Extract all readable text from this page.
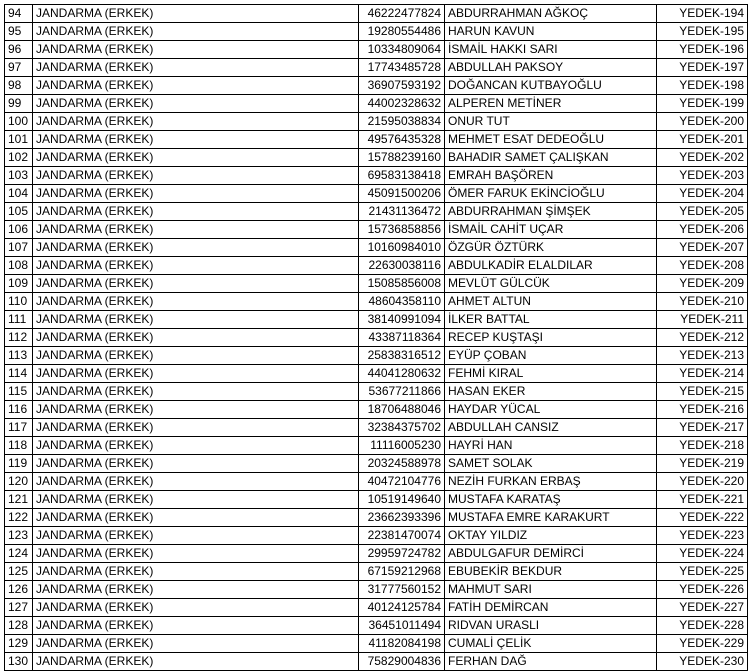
94	JANDARMA (ERKEK)	46222477824	ABDURRAHMAN AĞKOÇ	YEDEK-194
95	JANDARMA (ERKEK)	19280554486	HARUN KAVUN	YEDEK-195
96	JANDARMA (ERKEK)	10334809064	İSMAİL HAKKI SARI	YEDEK-196
97	JANDARMA (ERKEK)	17743485728	ABDULLAH PAKSOY	YEDEK-197
98	JANDARMA (ERKEK)	36907593192	DOĞANCAN KUTBAYOĞLU	YEDEK-198
99	JANDARMA (ERKEK)	44002328632	ALPEREN METİNER	YEDEK-199
100	JANDARMA (ERKEK)	21595038834	ONUR TUT	YEDEK-200
101	JANDARMA (ERKEK)	49576435328	MEHMET ESAT DEDEOĞLU	YEDEK-201
102	JANDARMA (ERKEK)	15788239160	BAHADIR SAMET ÇALIŞKAN	YEDEK-202
103	JANDARMA (ERKEK)	69583138418	EMRAH BAŞÖREN	YEDEK-203
104	JANDARMA (ERKEK)	45091500206	ÖMER FARUK EKİNCİOĞLU	YEDEK-204
105	JANDARMA (ERKEK)	21431136472	ABDURRAHMAN ŞİMŞEK	YEDEK-205
106	JANDARMA (ERKEK)	15736858856	İSMAİL CAHİT UÇAR	YEDEK-206
107	JANDARMA (ERKEK)	10160984010	ÖZGÜR ÖZTÜRK	YEDEK-207
108	JANDARMA (ERKEK)	22630038116	ABDULKADİR ELALDILAR	YEDEK-208
109	JANDARMA (ERKEK)	15085856008	MEVLÜT GÜLCÜK	YEDEK-209
110	JANDARMA (ERKEK)	48604358110	AHMET ALTUN	YEDEK-210
111	JANDARMA (ERKEK)	38140991094	İLKER BATTAL	YEDEK-211
112	JANDARMA (ERKEK)	43387118364	RECEP KUŞTAŞI	YEDEK-212
113	JANDARMA (ERKEK)	25838316512	EYÜP ÇOBAN	YEDEK-213
114	JANDARMA (ERKEK)	44041280632	FEHMİ KIRAL	YEDEK-214
115	JANDARMA (ERKEK)	53677211866	HASAN EKER	YEDEK-215
116	JANDARMA (ERKEK)	18706488046	HAYDAR YÜCAL	YEDEK-216
117	JANDARMA (ERKEK)	32384375702	ABDULLAH CANSIZ	YEDEK-217
118	JANDARMA (ERKEK)	11116005230	HAYRİ HAN	YEDEK-218
119	JANDARMA (ERKEK)	20324588978	SAMET SOLAK	YEDEK-219
120	JANDARMA (ERKEK)	40472104776	NEZİH FURKAN ERBAŞ	YEDEK-220
121	JANDARMA (ERKEK)	10519149640	MUSTAFA KARATAŞ	YEDEK-221
122	JANDARMA (ERKEK)	23662393396	MUSTAFA EMRE KARAKURT	YEDEK-222
123	JANDARMA (ERKEK)	22381470074	OKTAY YILDIZ	YEDEK-223
124	JANDARMA (ERKEK)	29959724782	ABDULGAFUR DEMİRCİ	YEDEK-224
125	JANDARMA (ERKEK)	67159212968	EBUBEKİR BEKDUR	YEDEK-225
126	JANDARMA (ERKEK)	31777560152	MAHMUT SARI	YEDEK-226
127	JANDARMA (ERKEK)	40124125784	FATİH DEMİRCAN	YEDEK-227
128	JANDARMA (ERKEK)	36451011494	RIDVAN URASLI	YEDEK-228
129	JANDARMA (ERKEK)	41182084198	CUMALİ ÇELİK	YEDEK-229
130	JANDARMA (ERKEK)	75829004836	FERHAN DAĞ	YEDEK-230
